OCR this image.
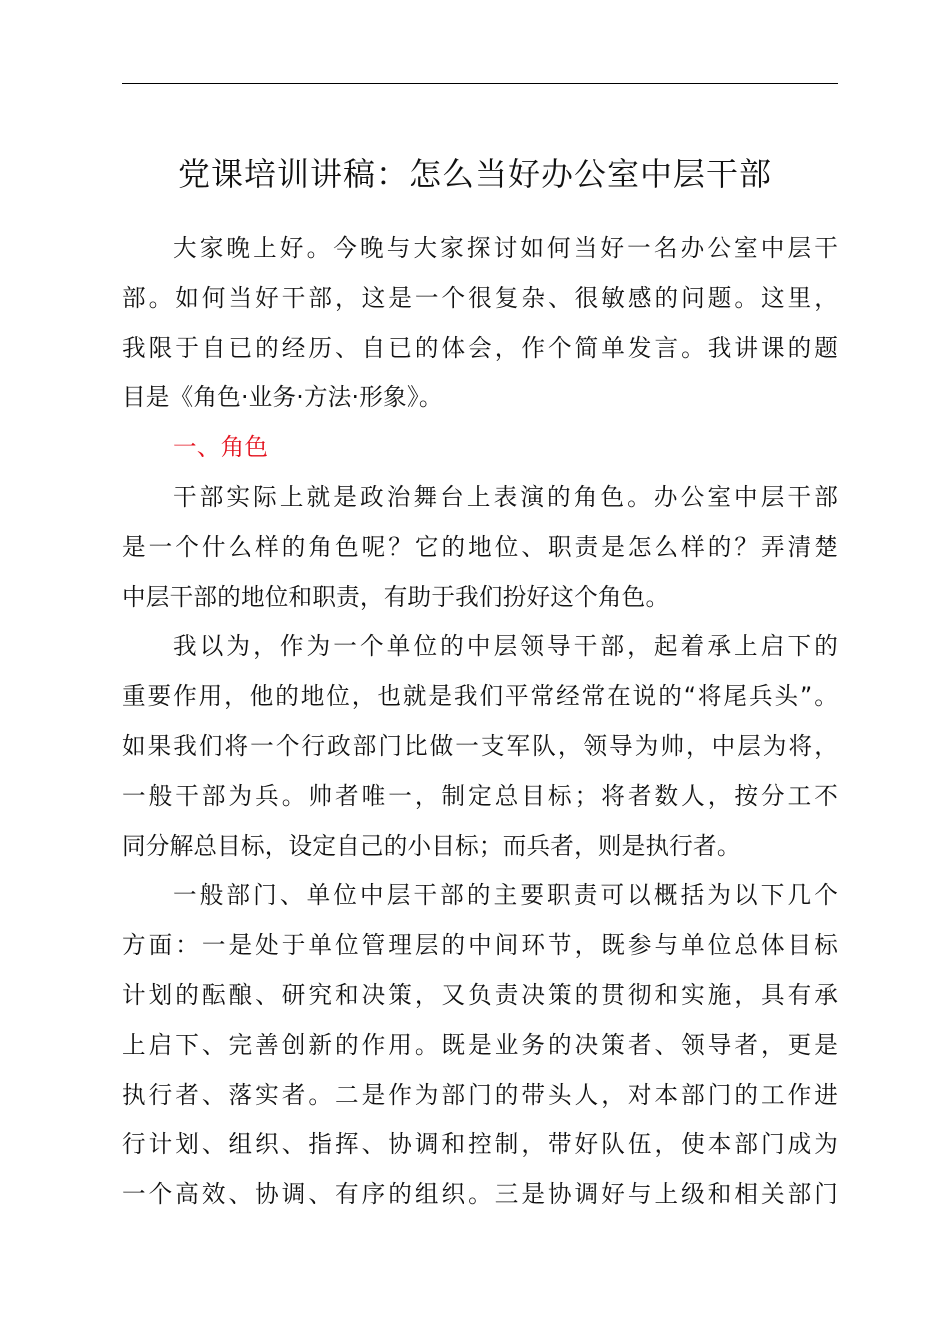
党课培训讲稿：怎么当好办公室中层干部
大家晚上好。今晚与大家探讨如何当好一名办公室中层干
部。如何当好干部，这是一个很复杂、很敏感的问题。这里，
我限于自已的经历、自已的体会，作个简单发言。我讲课的题
目是《角色·业务·方法·形象》。
一、角色
干部实际上就是政治舞台上表演的角色。办公室中层干部
是一个什么样的角色呢？它的地位、职责是怎么样的？弄清楚
中层干部的地位和职责，有助于我们扮好这个角色。
我以为，作为一个单位的中层领导干部，起着承上启下的
重要作用，他的地位，也就是我们平常经常在说的“将尾兵头”。
如果我们将一个行政部门比做一支军队，领导为帅，中层为将，
一般干部为兵。帅者唯一，制定总目标；将者数人，按分工不
同分解总目标，设定自己的小目标；而兵者，则是执行者。
一般部门、单位中层干部的主要职责可以概括为以下几个
方面：一是处于单位管理层的中间环节，既参与单位总体目标
计划的酝酿、研究和决策，又负责决策的贯彻和实施，具有承
上启下、完善创新的作用。既是业务的决策者、领导者，更是
执行者、落实者。二是作为部门的带头人，对本部门的工作进
行计划、组织、指挥、协调和控制，带好队伍，使本部门成为
一个高效、协调、有序的组织。三是协调好与上级和相关部门
